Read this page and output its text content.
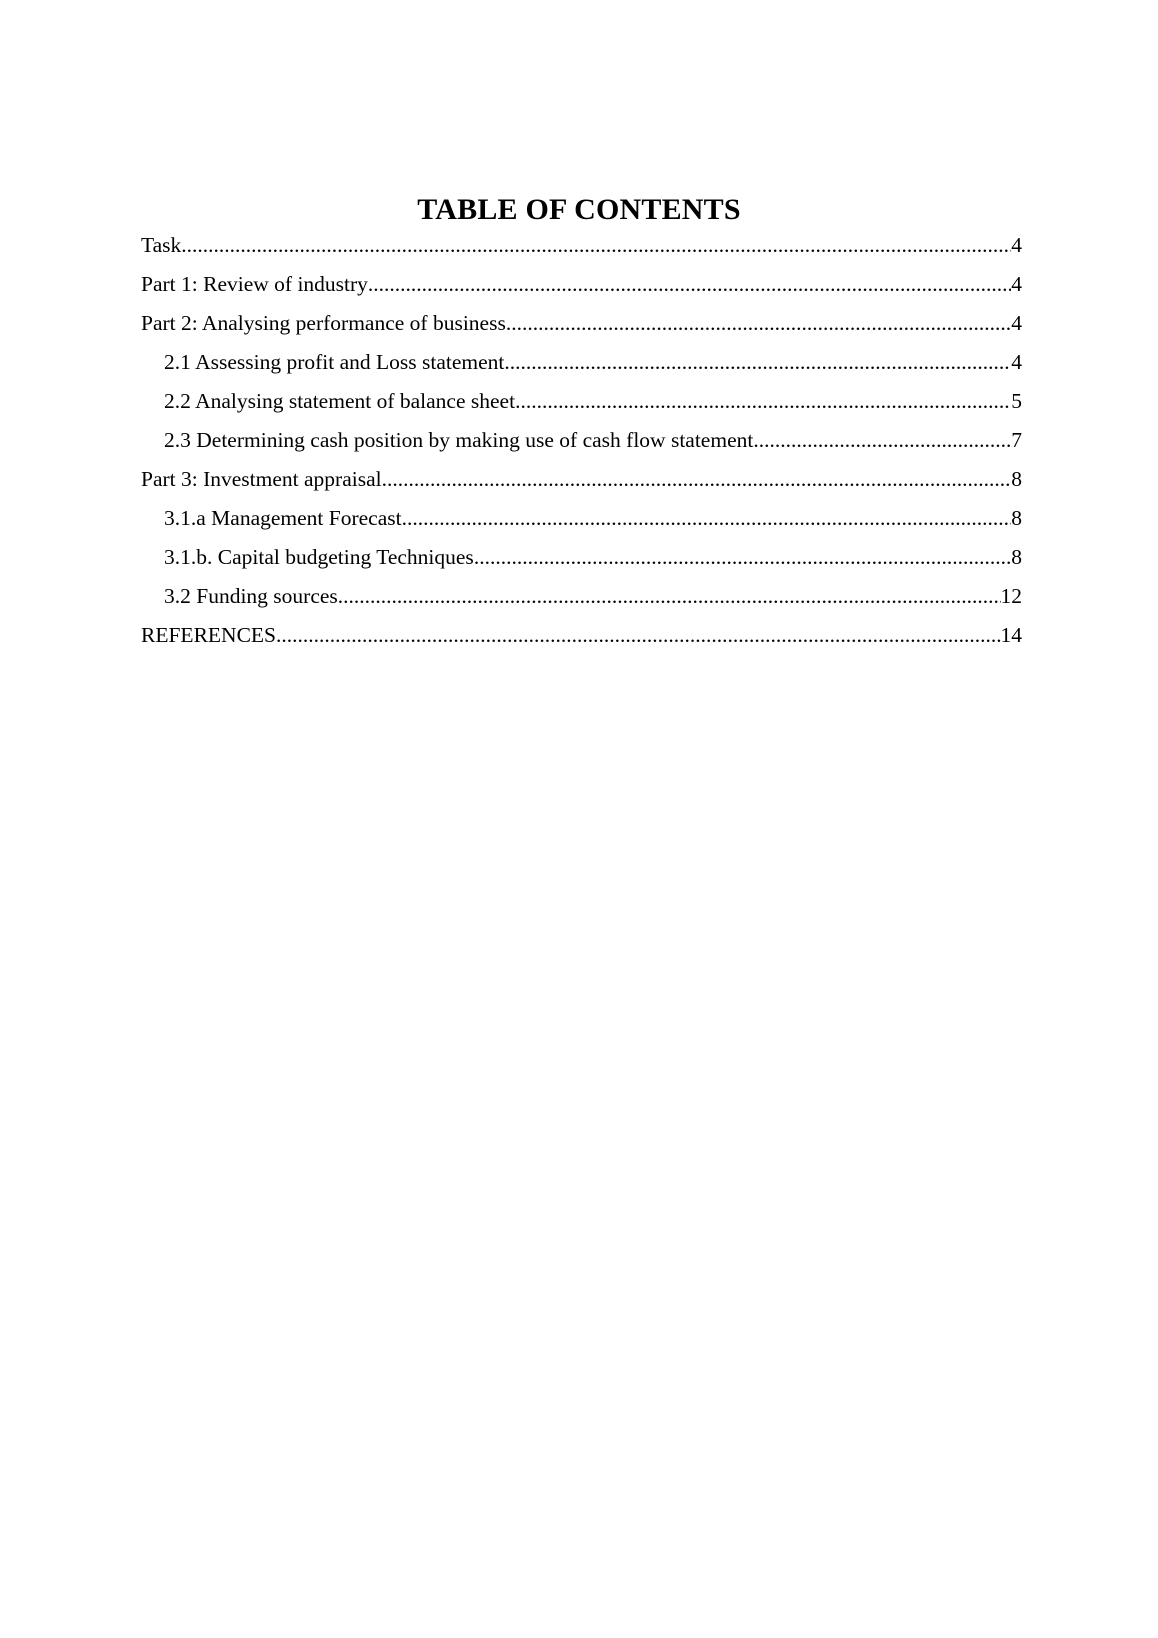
TABLE OF CONTENTS
Task .....	4
Part 1: Review of industry .....	4
Part 2: Analysing performance of business .....	4
2.1 Assessing profit and Loss statement .....	4
2.2 Analysing statement of balance sheet .....	5
2.3 Determining cash position by making use of cash flow statement .....	7
Part 3: Investment appraisal .....	8
3.1.a Management Forecast .....	8
3.1.b. Capital budgeting Techniques .....	8
3.2 Funding sources .....	12
REFERENCES .....	14
